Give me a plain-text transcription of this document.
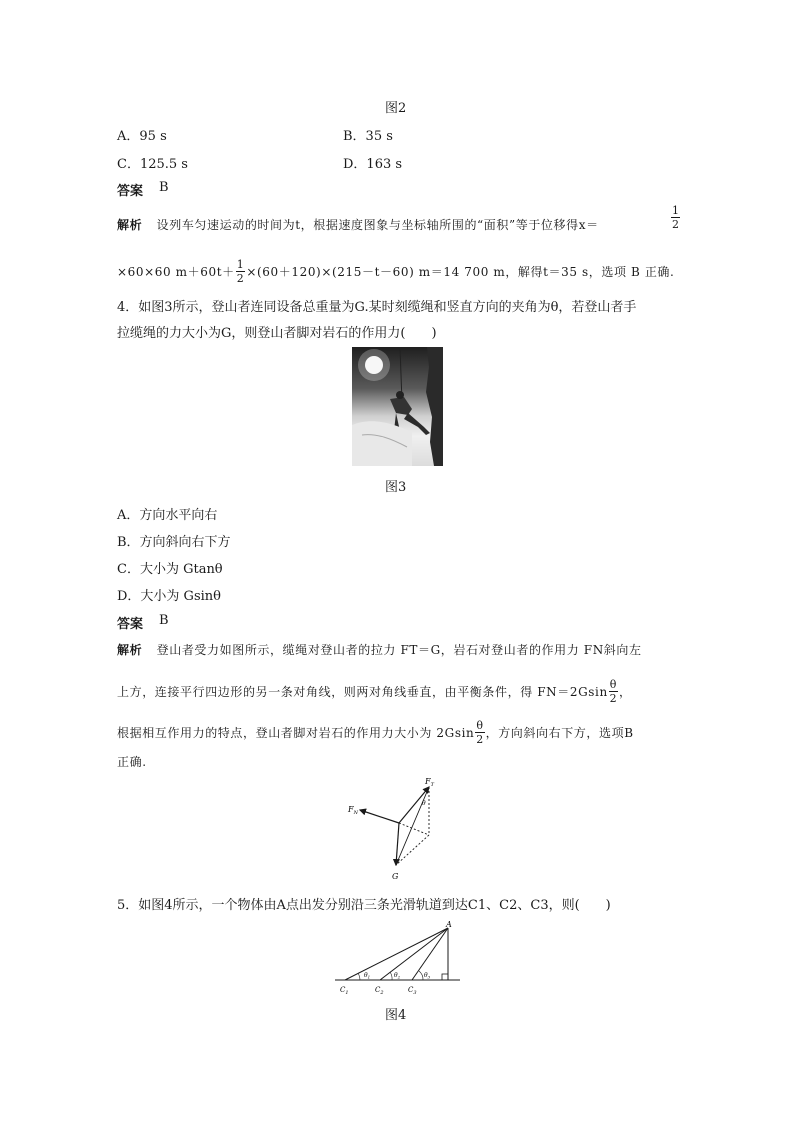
图2
A．95 s	B．35 s
C．125.5 s	D．163 s
答案 B
解析 设列车匀速运动的时间为t，根据速度图象与坐标轴所围的“面积”等于位移得x＝	$\frac{1}{2}$
×60×60 $m+60t+ \frac{1}{2} \times(60+120)\times(215-t-60)$ m＝14 700 m，解得t＝35 s，选项 B 正确.
4．如图3所示，登山者连同设备总重量为G.某时刻缆绳和竖直方向的夹角为θ，若登山者手
拉缆绳的力大小为G，则登山者脚对岩石的作用力(　　)
图3
A．方向水平向右
B．方向斜向右下方
C．大小为 Gtanθ
D．大小为 Gsinθ
答案 B
解析 登山者受力如图所示，缆绳对登山者的拉力 FT＝G，岩石对登山者的作用力 FN斜向左
上方，连接平行四边形的另一条对角线，则两对角线垂直，由平衡条件，得 $FN=2Gsin \frac{\theta}{2}$ ，
根据相互作用力的特点，登山者脚对岩石的作用力大小为 $2Gsin \frac{\theta}{2}$ ，方向斜向右下方，选项B
正确.
$F_T$
$F_N$
G
θ
5．如图4所示，一个物体由A点出发分别沿三条光滑轨道到达C1、C2、C3，则(　　)
A
$C_1$	$C_2$	$C_3$
$\theta_1$	$\theta_2$	$\theta_3$
图4
